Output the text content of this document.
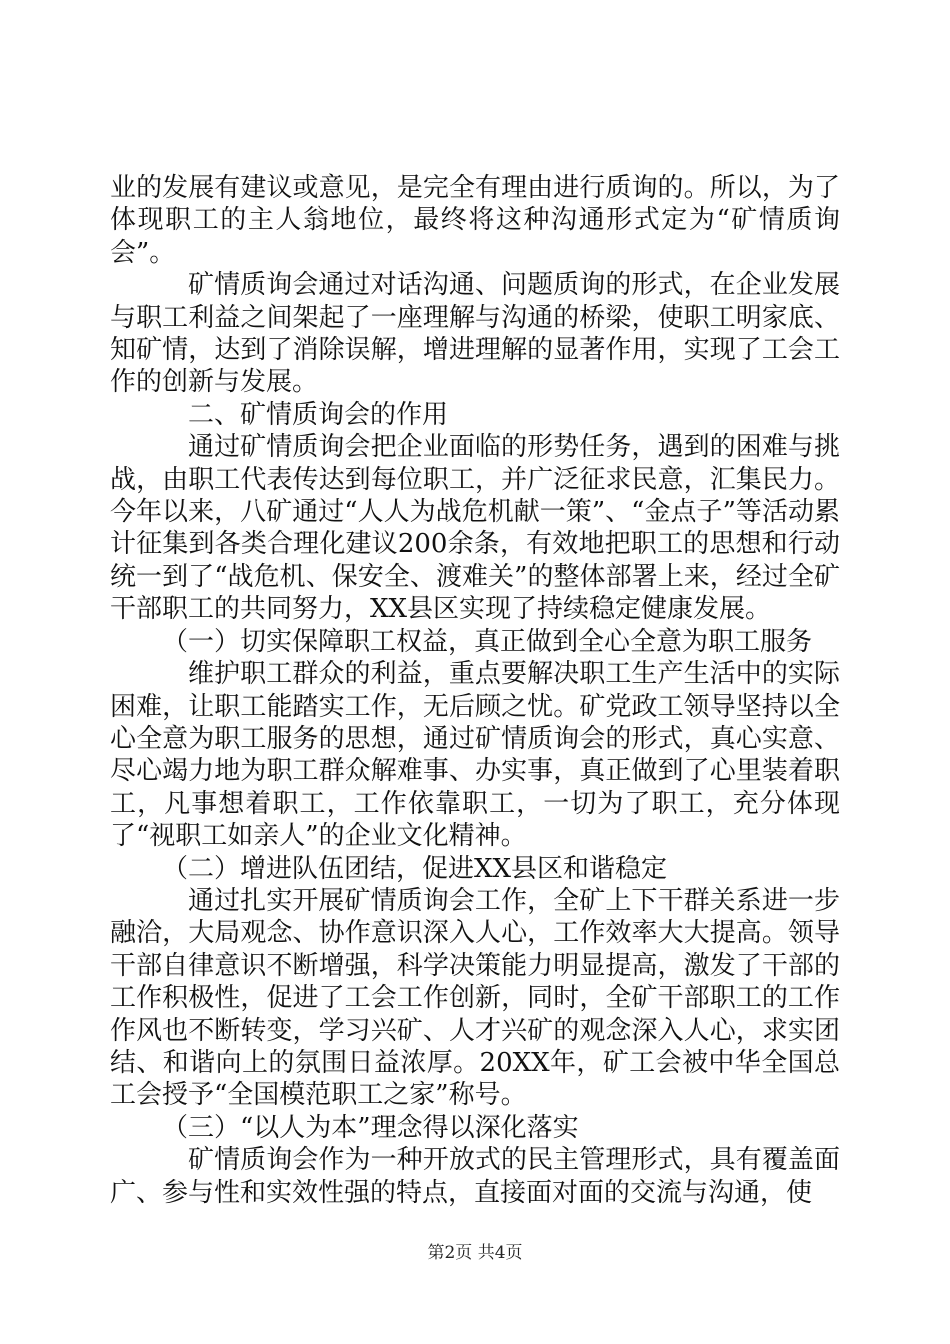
业的发展有建议或意见，是完全有理由进行质询的。所以，为了体现职工的主人翁地位，最终将这种沟通形式定为“矿情质询会”。

矿情质询会通过对话沟通、问题质询的形式，在企业发展与职工利益之间架起了一座理解与沟通的桥梁，使职工明家底、知矿情，达到了消除误解，增进理解的显著作用，实现了工会工作的创新与发展。

二、矿情质询会的作用

通过矿情质询会把企业面临的形势任务，遇到的困难与挑战，由职工代表传达到每位职工，并广泛征求民意，汇集民力。今年以来，八矿通过“人人为战危机献一策”、“金点子”等活动累计征集到各类合理化建议200余条，有效地把职工的思想和行动统一到了“战危机、保安全、渡难关”的整体部署上来，经过全矿干部职工的共同努力，XX县区实现了持续稳定健康发展。

（一）切实保障职工权益，真正做到全心全意为职工服务

维护职工群众的利益，重点要解决职工生产生活中的实际困难，让职工能踏实工作，无后顾之忧。矿党政工领导坚持以全心全意为职工服务的思想，通过矿情质询会的形式，真心实意、尽心竭力地为职工群众解难事、办实事，真正做到了心里装着职工，凡事想着职工，工作依靠职工，一切为了职工，充分体现了“视职工如亲人”的企业文化精神。

（二）增进队伍团结，促进XX县区和谐稳定

通过扎实开展矿情质询会工作，全矿上下干群关系进一步融洽，大局观念、协作意识深入人心，工作效率大大提高。领导干部自律意识不断增强，科学决策能力明显提高，激发了干部的工作积极性，促进了工会工作创新，同时，全矿干部职工的工作作风也不断转变，学习兴矿、人才兴矿的观念深入人心，求实团结、和谐向上的氛围日益浓厚。20XX年，矿工会被中华全国总工会授予“全国模范职工之家”称号。

（三）“以人为本”理念得以深化落实

矿情质询会作为一种开放式的民主管理形式，具有覆盖面广、参与性和实效性强的特点，直接面对面的交流与沟通，使

第2页 共4页
